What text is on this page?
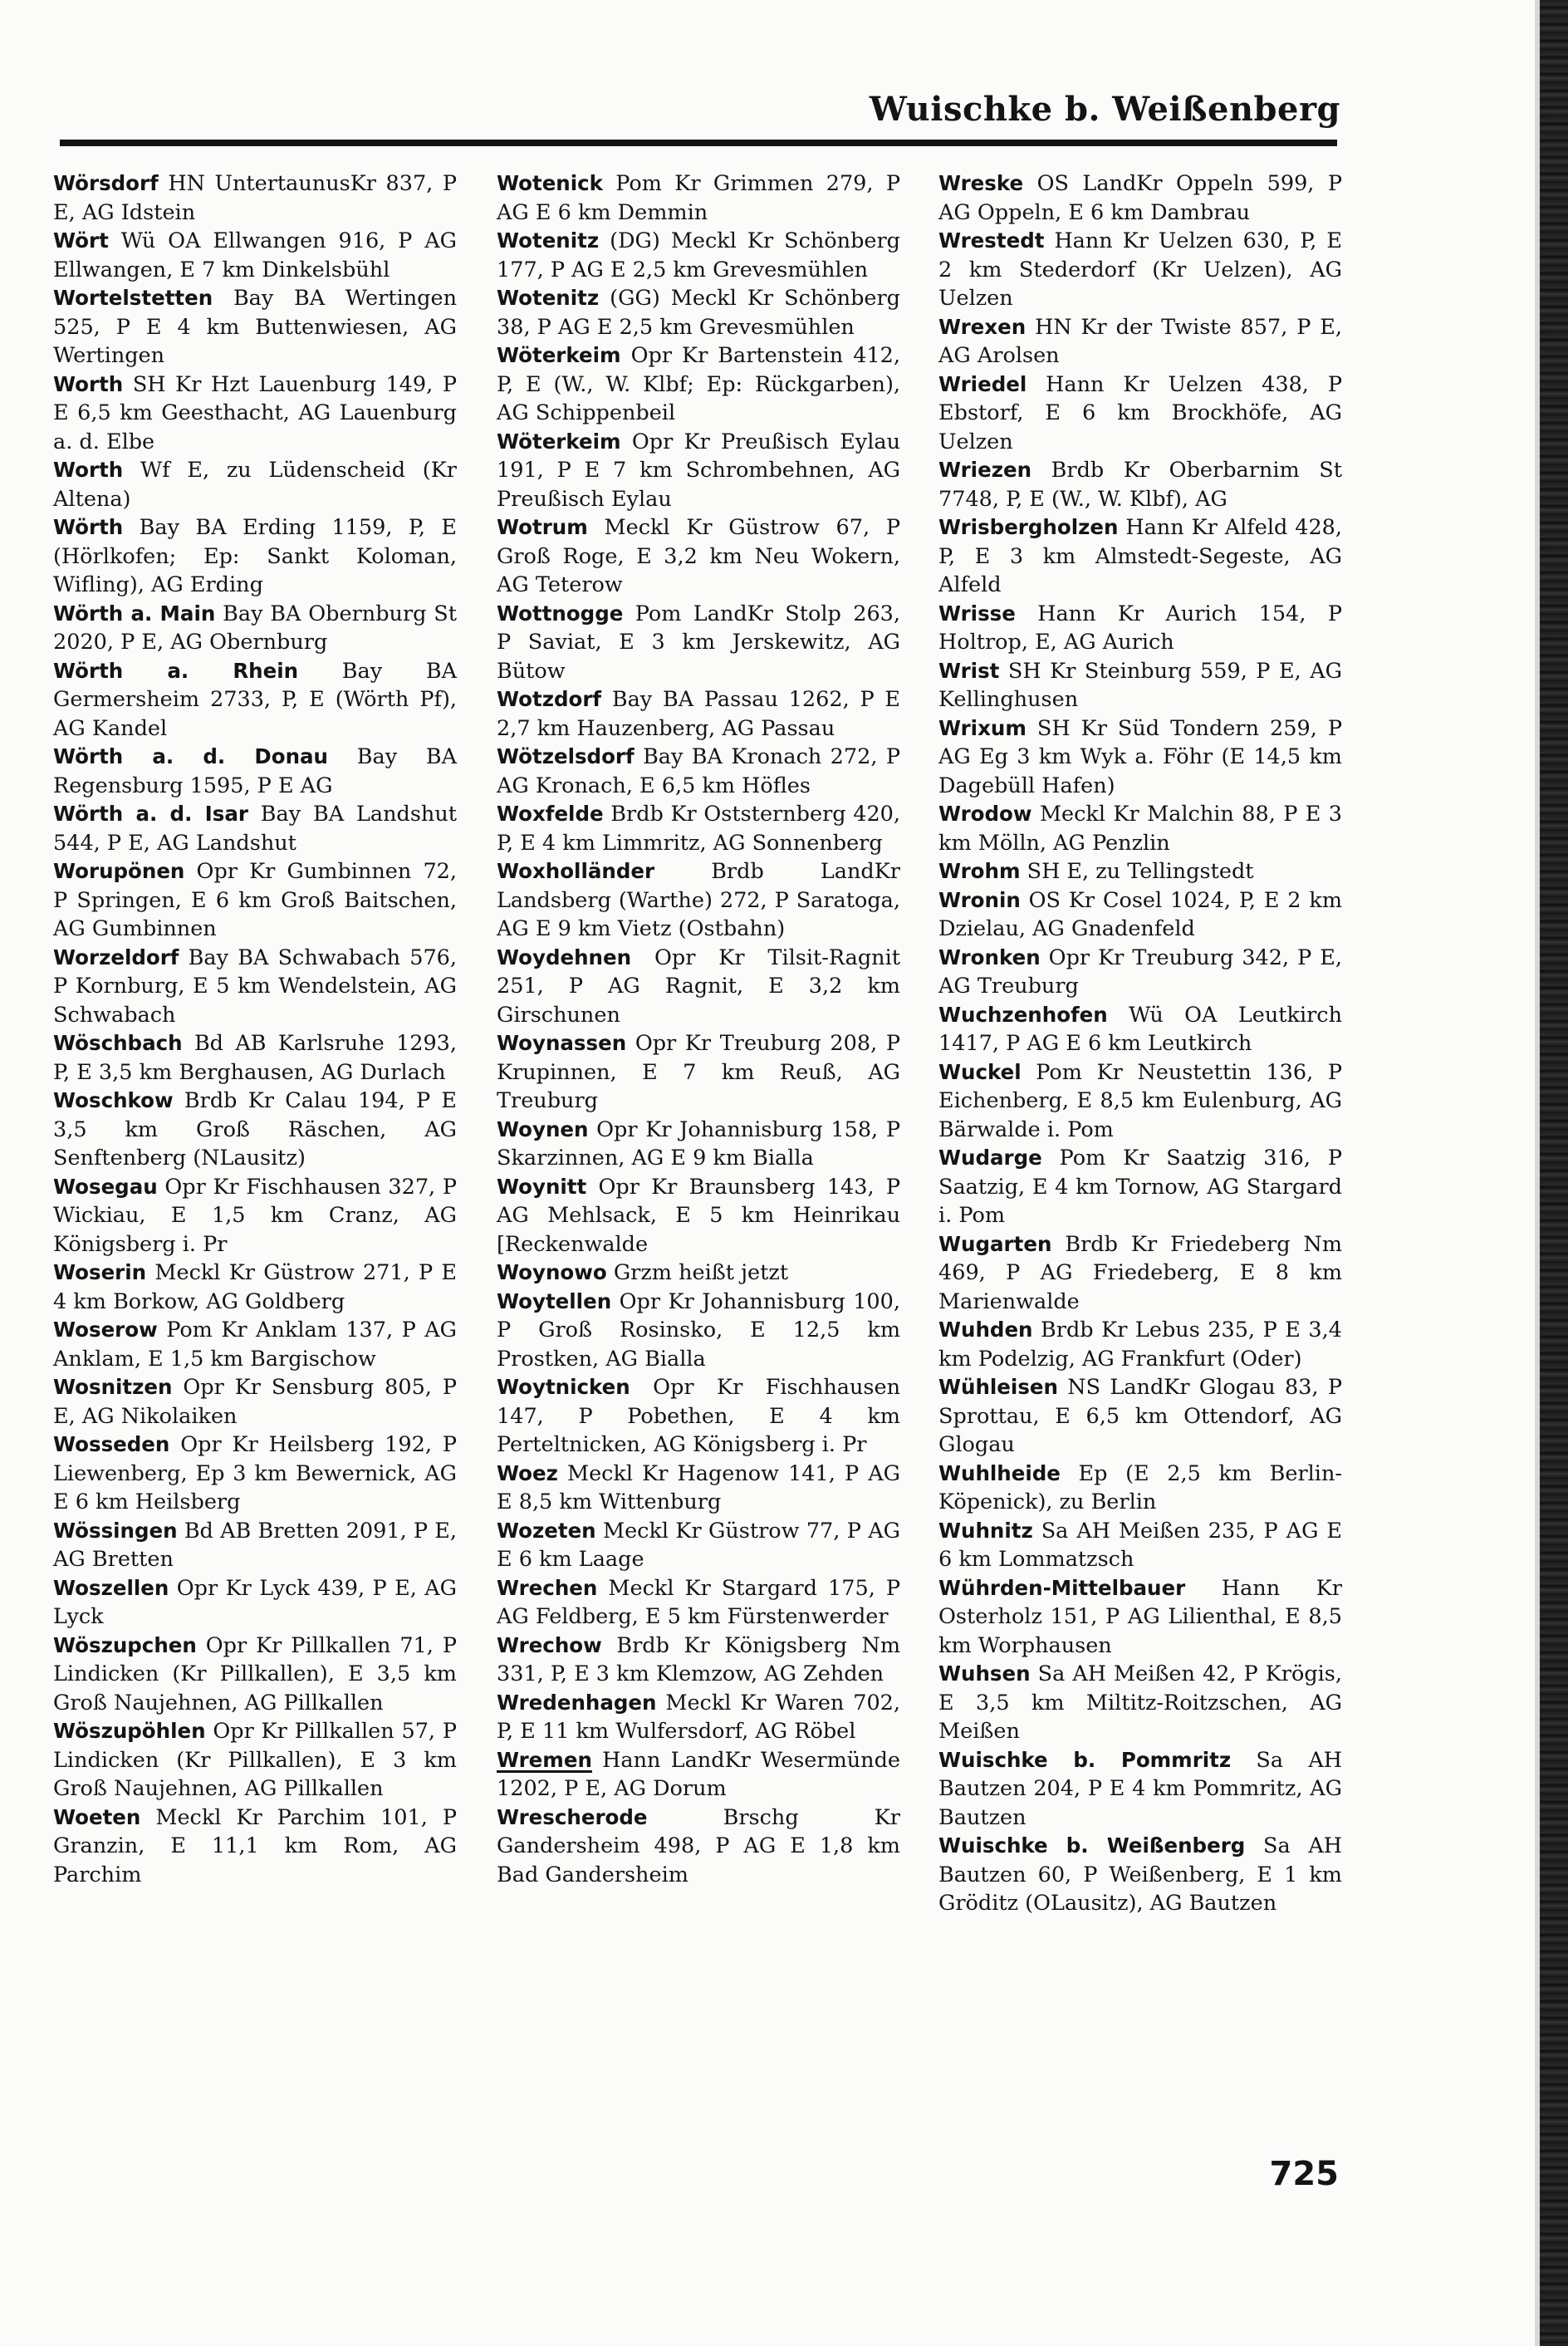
Wuischke b. Weißenberg
Wörsdorf HN UntertaunusKr 837, P E, AG Idstein
Wört Wü OA Ellwangen 916, P AG Ellwangen, E 7 km Dinkelsbühl
Wortelstetten Bay BA Wertingen 525, P E 4 km Buttenwiesen, AG Wertingen
Worth SH Kr Hzt Lauenburg 149, P E 6,5 km Geesthacht, AG Lauenburg a. d. Elbe
Worth Wf E, zu Lüdenscheid (Kr Altena)
Wörth Bay BA Erding 1159, P, E (Hörlkofen; Ep: Sankt Koloman, Wifling), AG Erding
Wörth a. Main Bay BA Obernburg St 2020, P E, AG Obernburg
Wörth a. Rhein Bay BA Germersheim 2733, P, E (Wörth Pf), AG Kandel
Wörth a. d. Donau Bay BA Regensburg 1595, P E AG
Wörth a. d. Isar Bay BA Landshut 544, P E, AG Landshut
Worupönen Opr Kr Gumbinnen 72, P Springen, E 6 km Groß Baitschen, AG Gumbinnen
Worzeldorf Bay BA Schwabach 576, P Kornburg, E 5 km Wendelstein, AG Schwabach
Wöschbach Bd AB Karlsruhe 1293, P, E 3,5 km Berghausen, AG Durlach
Woschkow Brdb Kr Calau 194, P E 3,5 km Groß Räschen, AG Senftenberg (NLausitz)
Wosegau Opr Kr Fischhausen 327, P Wickiau, E 1,5 km Cranz, AG Königsberg i. Pr
Woserin Meckl Kr Güstrow 271, P E 4 km Borkow, AG Goldberg
Woserow Pom Kr Anklam 137, P AG Anklam, E 1,5 km Bargischow
Wosnitzen Opr Kr Sensburg 805, P E, AG Nikolaiken
Wosseden Opr Kr Heilsberg 192, P Liewenberg, Ep 3 km Bewernick, AG E 6 km Heilsberg
Wössingen Bd AB Bretten 2091, P E, AG Bretten
Woszellen Opr Kr Lyck 439, P E, AG Lyck
Wöszupchen Opr Kr Pillkallen 71, P Lindicken (Kr Pillkallen), E 3,5 km Groß Naujehnen, AG Pillkallen
Wöszupöhlen Opr Kr Pillkallen 57, P Lindicken (Kr Pillkallen), E 3 km Groß Naujehnen, AG Pillkallen
Woeten Meckl Kr Parchim 101, P Granzin, E 11,1 km Rom, AG Parchim
Wotenick Pom Kr Grimmen 279, P AG E 6 km Demmin
Wotenitz (DG) Meckl Kr Schönberg 177, P AG E 2,5 km Grevesmühlen
Wotenitz (GG) Meckl Kr Schönberg 38, P AG E 2,5 km Grevesmühlen
Wöterkeim Opr Kr Bartenstein 412, P, E (W., W. Klbf; Ep: Rückgarben), AG Schippenbeil
Wöterkeim Opr Kr Preußisch Eylau 191, P E 7 km Schrombehnen, AG Preußisch Eylau
Wotrum Meckl Kr Güstrow 67, P Groß Roge, E 3,2 km Neu Wokern, AG Teterow
Wottnogge Pom LandKr Stolp 263, P Saviat, E 3 km Jerskewitz, AG Bütow
Wotzdorf Bay BA Passau 1262, P E 2,7 km Hauzenberg, AG Passau
Wötzelsdorf Bay BA Kronach 272, P AG Kronach, E 6,5 km Höfles
Woxfelde Brdb Kr Oststernberg 420, P, E 4 km Limmritz, AG Sonnenberg
Woxholländer	Brdb LandKr Landsberg (Warthe) 272, P Saratoga, AG E 9 km Vietz (Ostbahn)
Woydehnen Opr Kr Tilsit-Ragnit 251, P AG Ragnit, E 3,2 km Girschunen
Woynassen Opr Kr Treuburg 208, P Krupinnen, E 7 km Reuß, AG Treuburg
Woynen Opr Kr Johannisburg 158, P Skarzinnen, AG E 9 km Bialla
Woynitt Opr Kr Braunsberg 143, P AG Mehlsack, E 5 km Heinrikau [Reckenwalde
Woynowo Grzm heißt jetzt
Woytellen Opr Kr Johannisburg 100, P Groß Rosinsko, E 12,5 km Prostken, AG Bialla
Woytnicken Opr Kr Fischhausen 147, P Pobethen, E 4 km Perteltnicken, AG Königsberg i. Pr
Woez Meckl Kr Hagenow 141, P AG E 8,5 km Wittenburg
Wozeten Meckl Kr Güstrow 77, P AG E 6 km Laage
Wrechen Meckl Kr Stargard 175, P AG Feldberg, E 5 km Fürstenwerder
Wrechow Brdb Kr Königsberg Nm 331, P, E 3 km Klemzow, AG Zehden
Wredenhagen Meckl Kr Waren 702, P, E 11 km Wulfersdorf, AG Röbel
Wremen Hann LandKr Wesermünde 1202, P E, AG Dorum
Wrescherode	Brschg Kr Gandersheim 498, P AG E 1,8 km Bad Gandersheim
Wreske OS LandKr Oppeln 599, P AG Oppeln, E 6 km Dambrau
Wrestedt Hann Kr Uelzen 630, P, E 2 km Stederdorf (Kr Uelzen), AG Uelzen
Wrexen HN Kr der Twiste 857, P E, AG Arolsen
Wriedel Hann Kr Uelzen 438, P Ebstorf, E 6 km Brockhöfe, AG Uelzen
Wriezen Brdb Kr Oberbarnim St 7748, P, E (W., W. Klbf), AG
Wrisbergholzen Hann Kr Alfeld 428, P, E 3 km Almstedt-Segeste, AG Alfeld
Wrisse Hann Kr Aurich 154, P Holtrop, E, AG Aurich
Wrist SH Kr Steinburg 559, P E, AG Kellinghusen
Wrixum SH Kr Süd Tondern 259, P AG Eg 3 km Wyk a. Föhr (E 14,5 km Dagebüll Hafen)
Wrodow Meckl Kr Malchin 88, P E 3 km Mölln, AG Penzlin
Wrohm SH E, zu Tellingstedt
Wronin OS Kr Cosel 1024, P, E 2 km Dzielau, AG Gnadenfeld
Wronken Opr Kr Treuburg 342, P E, AG Treuburg
Wuchzenhofen Wü OA Leutkirch 1417, P AG E 6 km Leutkirch
Wuckel Pom Kr Neustettin 136, P Eichenberg, E 8,5 km Eulenburg, AG Bärwalde i. Pom
Wudarge Pom Kr Saatzig 316, P Saatzig, E 4 km Tornow, AG Stargard i. Pom
Wugarten Brdb Kr Friedeberg Nm 469, P AG Friedeberg, E 8 km Marienwalde
Wuhden Brdb Kr Lebus 235, P E 3,4 km Podelzig, AG Frankfurt (Oder)
Wühleisen NS LandKr Glogau 83, P Sprottau, E 6,5 km Ottendorf, AG Glogau
Wuhlheide Ep (E 2,5 km Berlin-Köpenick), zu Berlin
Wuhnitz Sa AH Meißen 235, P AG E 6 km Lommatzsch
Wührden-Mittelbauer Hann Kr Osterholz 151, P AG Lilienthal, E 8,5 km Worphausen
Wuhsen Sa AH Meißen 42, P Krögis, E 3,5 km Miltitz-Roitzschen, AG Meißen
Wuischke b. Pommritz Sa AH Bautzen 204, P E 4 km Pommritz, AG Bautzen
Wuischke b. Weißenberg Sa AH Bautzen 60, P Weißenberg, E 1 km Gröditz (OLausitz), AG Bautzen
725
